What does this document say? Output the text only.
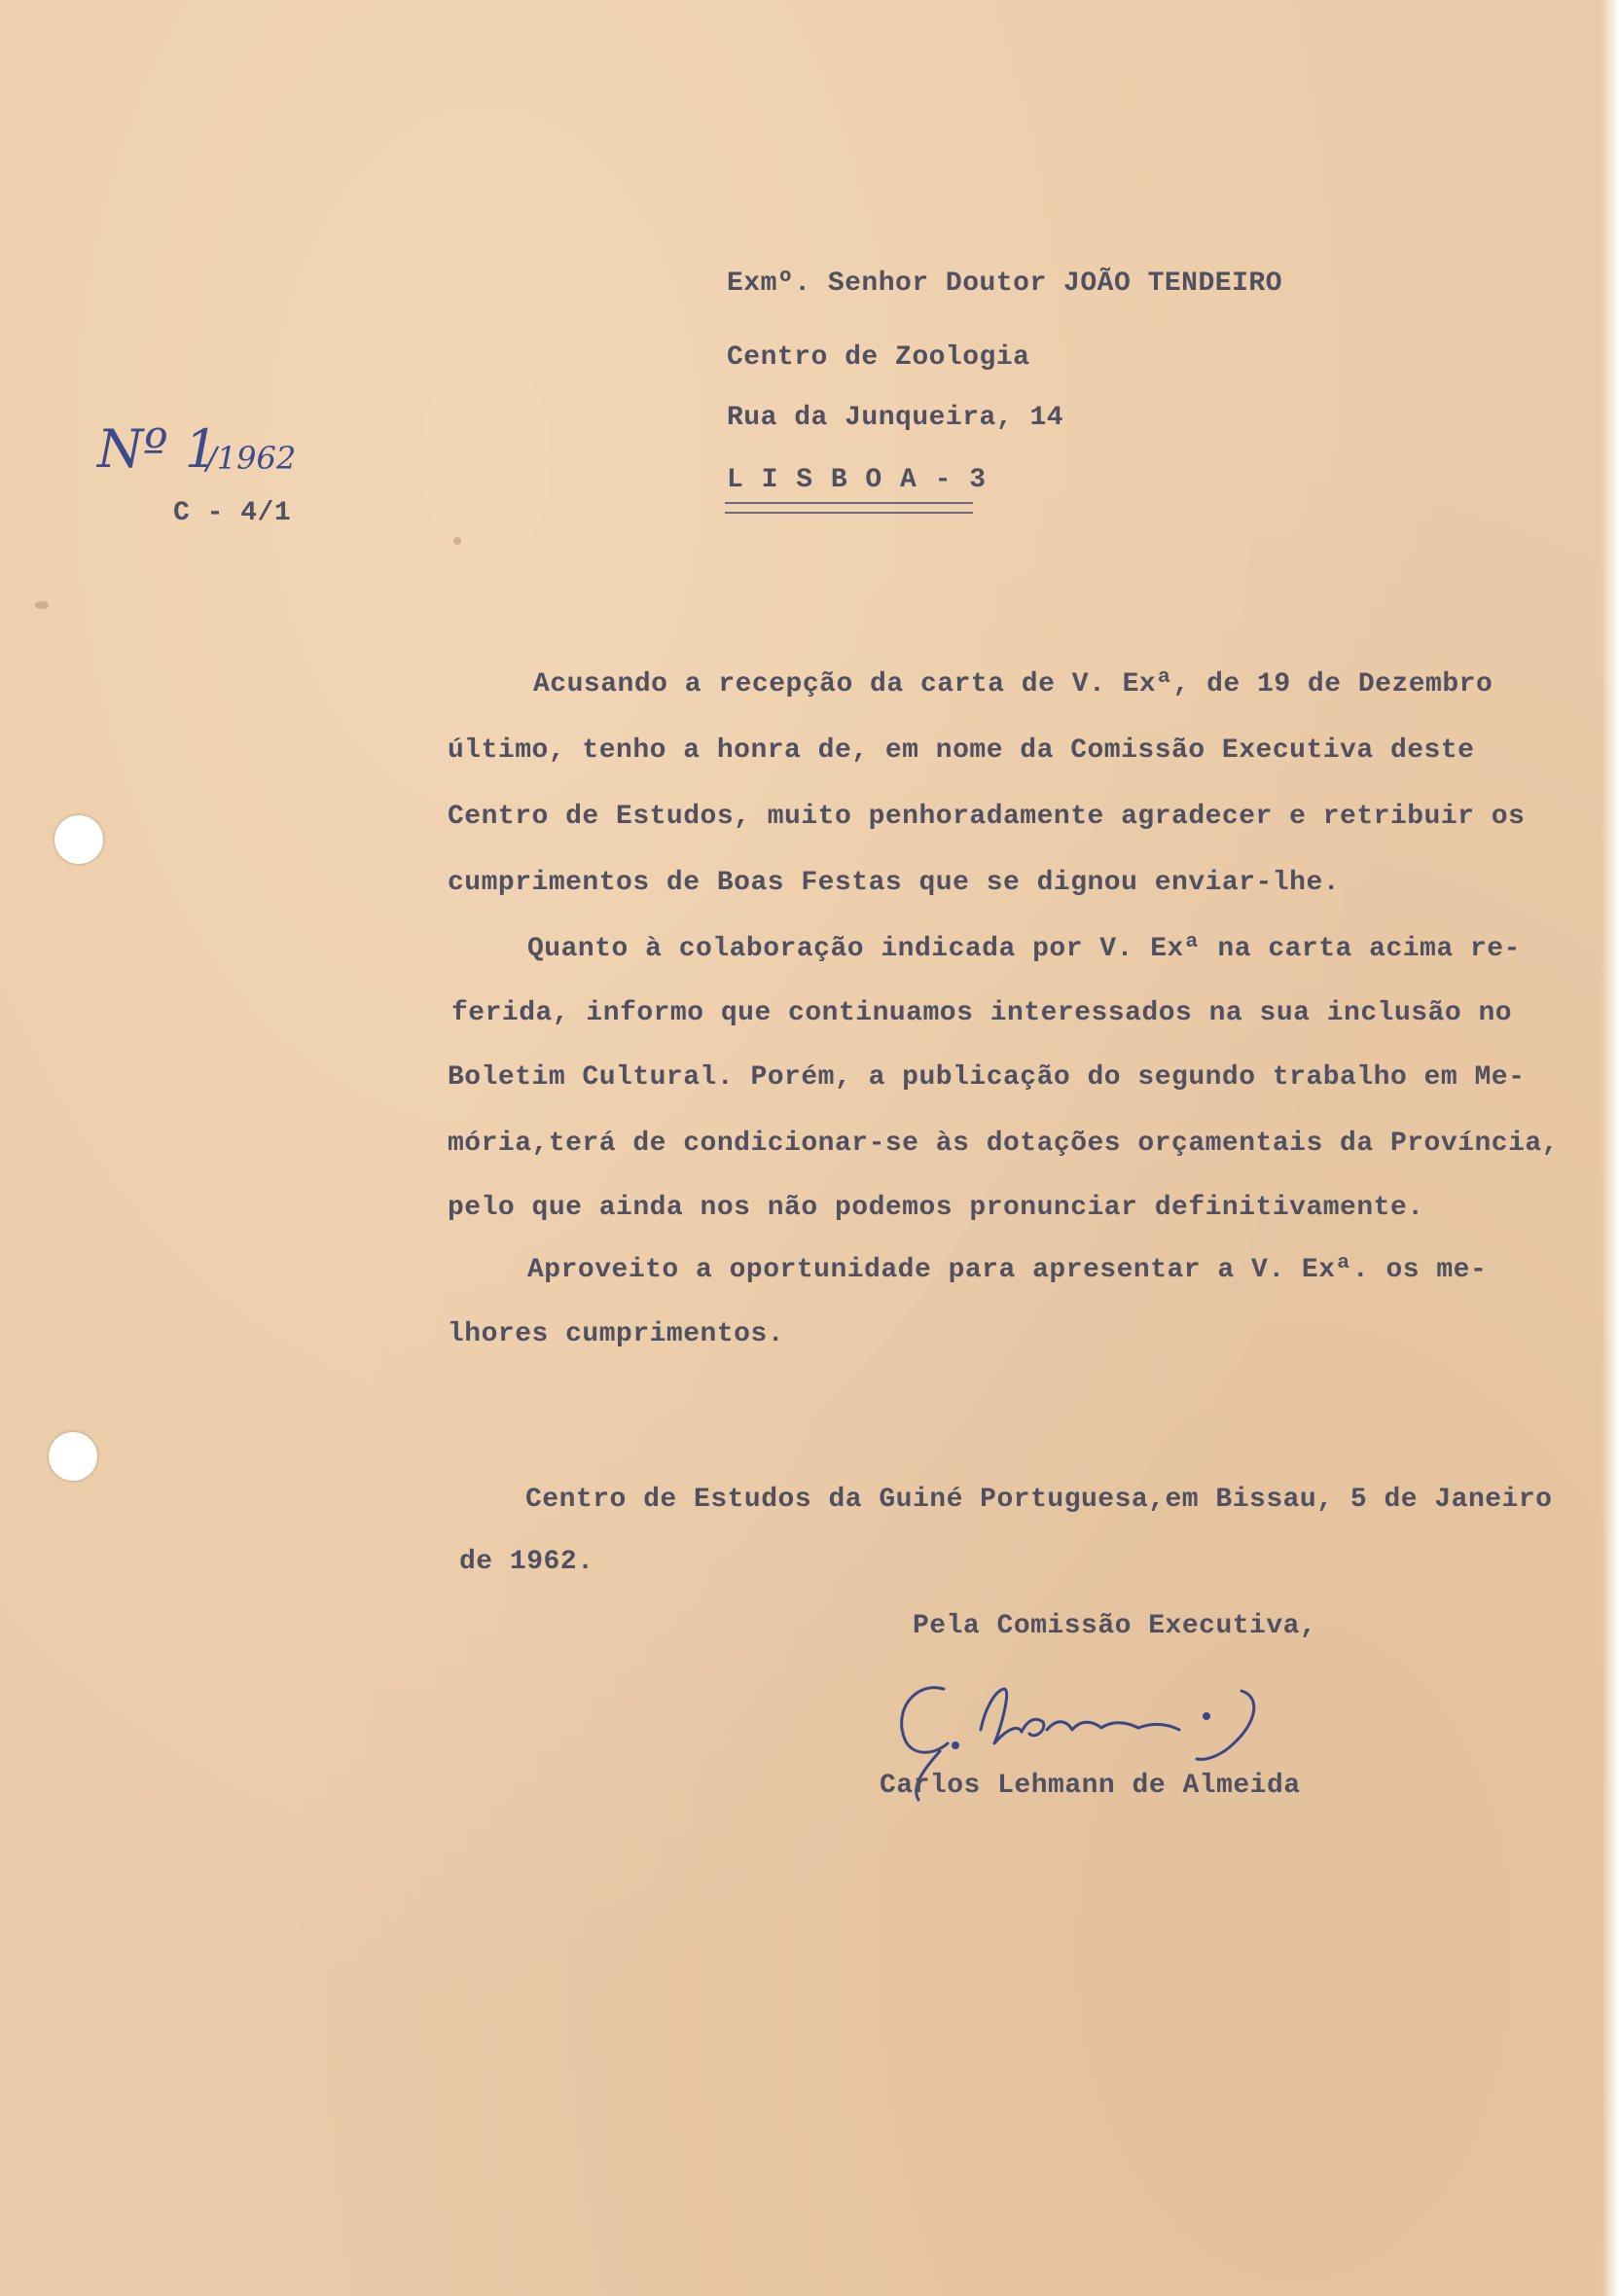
Nº 1
/1962
C - 4/1
Exmº. Senhor Doutor JOÃO TENDEIRO
Centro de Zoologia
Rua da Junqueira, 14
L I S B O A - 3
Acusando a recepção da carta de V. Exª, de 19 de Dezembro
último, tenho a honra de, em nome da Comissão Executiva deste
Centro de Estudos, muito penhoradamente agradecer e retribuir os
cumprimentos de Boas Festas que se dignou enviar-lhe.
Quanto à colaboração indicada por V. Exª na carta acima re-
ferida, informo que continuamos interessados na sua inclusão no
Boletim Cultural. Porém, a publicação do segundo trabalho em Me-
mória,terá de condicionar-se às dotações orçamentais da Província,
pelo que ainda nos não podemos pronunciar definitivamente.
Aproveito a oportunidade para apresentar a V. Exª. os me-
lhores cumprimentos.
Centro de Estudos da Guiné Portuguesa,em Bissau, 5 de Janeiro
de 1962.
Pela Comissão Executiva,
Carlos Lehmann de Almeida
